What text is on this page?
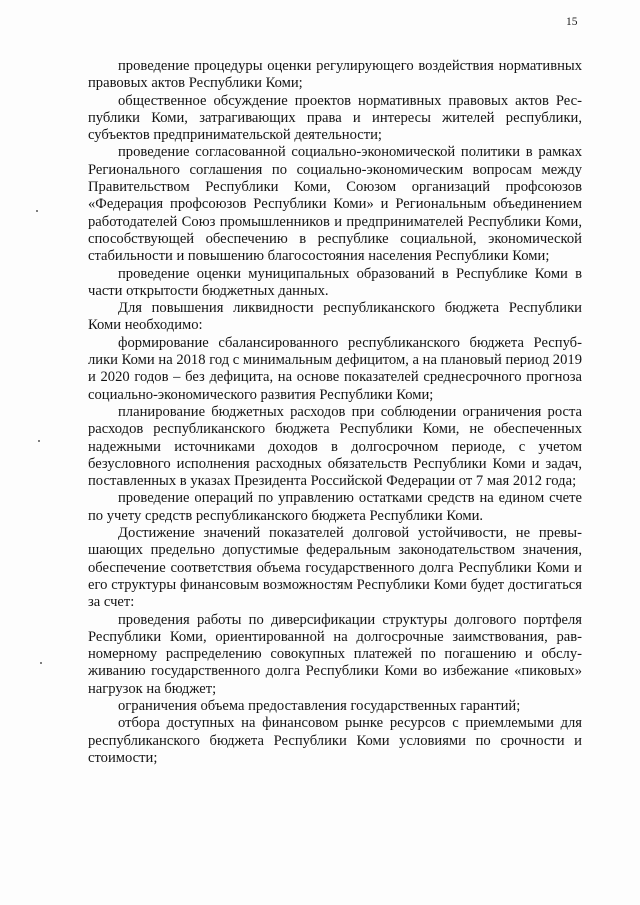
15

проведение процедуры оценки регулирующего воздействия нормативных правовых актов Республики Коми;

общественное обсуждение проектов нормативных правовых актов Республики Коми, затрагивающих права и интересы жителей республики, субъектов предпринимательской деятельности;

проведение согласованной социально-экономической политики в рамках Регионального соглашения по социально-экономическим вопросам между Правительством Республики Коми, Союзом организаций профсоюзов «Федерация профсоюзов Республики Коми» и Региональным объединением работодателей Союз промышленников и предпринимателей Республики Коми, способствующей обеспечению в республике социальной, экономической стабильности и повышению благосостояния населения Республики Коми;

проведение оценки муниципальных образований в Республике Коми в части открытости бюджетных данных.

Для повышения ликвидности республиканского бюджета Республики Коми необходимо:

формирование сбалансированного республиканского бюджета Республики Коми на 2018 год с минимальным дефицитом, а на плановый период 2019 и 2020 годов – без дефицита, на основе показателей среднесрочного прогноза социально-экономического развития Республики Коми;

планирование бюджетных расходов при соблюдении ограничения роста расходов республиканского бюджета Республики Коми, не обеспеченных надежными источниками доходов в долгосрочном периоде, с учетом безусловного исполнения расходных обязательств Республики Коми и задач, поставленных в указах Президента Российской Федерации от 7 мая 2012 года;

проведение операций по управлению остатками средств на едином счете по учету средств республиканского бюджета Республики Коми.

Достижение значений показателей долговой устойчивости, не превышающих предельно допустимые федеральным законодательством значения, обеспечение соответствия объема государственного долга Республики Коми и его структуры финансовым возможностям Республики Коми будет достигаться за счет:

проведения работы по диверсификации структуры долгового портфеля Республики Коми, ориентированной на долгосрочные заимствования, равномерному распределению совокупных платежей по погашению и обслуживанию государственного долга Республики Коми во избежание «пиковых» нагрузок на бюджет;

ограничения объема предоставления государственных гарантий;

отбора доступных на финансовом рынке ресурсов с приемлемыми для республиканского бюджета Республики Коми условиями по срочности и стоимости;
